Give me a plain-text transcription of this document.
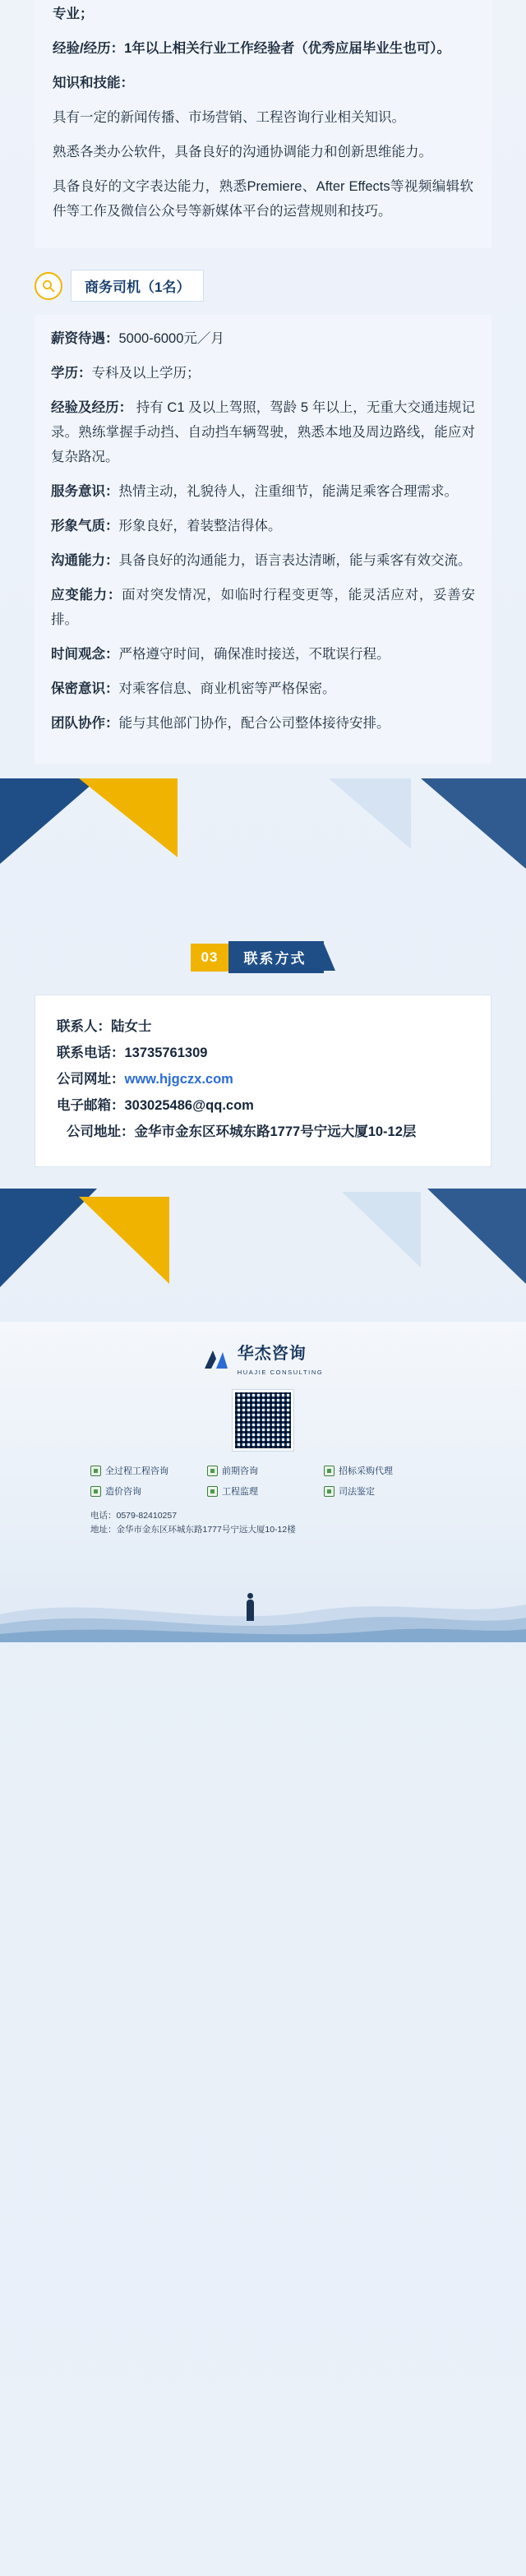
专业；

经验/经历：1年以上相关行业工作经验者（优秀应届毕业生也可）。

知识和技能：

具有一定的新闻传播、市场营销、工程咨询行业相关知识。

熟悉各类办公软件，具备良好的沟通协调能力和创新思维能力。

具备良好的文字表达能力，熟悉Premiere、After Effects等视频编辑软件等工作及微信公众号等新媒体平台的运营规则和技巧。

商务司机（1名）

薪资待遇：5000-6000元／月

学历：专科及以上学历；

经验及经历： 持有 C1 及以上驾照，驾龄 5 年以上，无重大交通违规记录。熟练掌握手动挡、自动挡车辆驾驶，熟悉本地及周边路线，能应对复杂路况。

服务意识：热情主动，礼貌待人，注重细节，能满足乘客合理需求。

形象气质：形象良好，着装整洁得体。

沟通能力：具备良好的沟通能力，语言表达清晰，能与乘客有效交流。

应变能力：面对突发情况，如临时行程变更等，能灵活应对，妥善安排。

时间观念：严格遵守时间，确保准时接送，不耽误行程。

保密意识：对乘客信息、商业机密等严格保密。

团队协作：能与其他部门协作，配合公司整体接待安排。

03	联系方式
联系人：陆女士
联系电话：13735761309
公司网址：www.hjgczx.com
电子邮箱：303025486@qq.com
公司地址：金华市金东区环城东路1777号宁远大厦10-12层
华杰咨询
HUAJIE CONSULTING
全过程工程咨询	前期咨询	招标采购代理
造价咨询	工程监理	司法鉴定
电话：0579-82410257
地址：金华市金东区环城东路1777号宁远大厦10-12楼
